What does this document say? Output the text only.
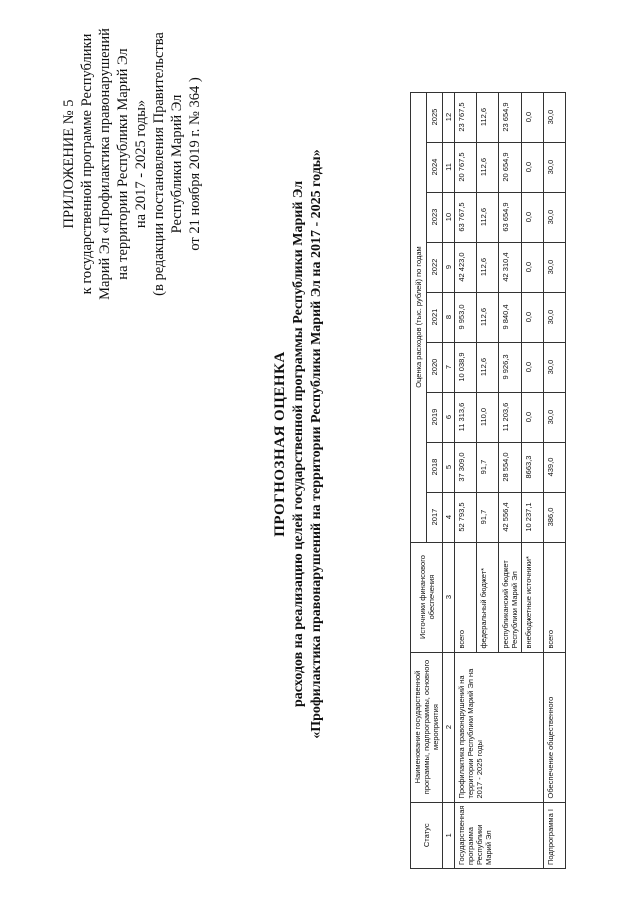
ПРИЛОЖЕНИЕ № 5 к государственной программе Республики Марий Эл «Профилактика правонарушений на территории Республики Марий Эл на 2017 - 2025 годы» (в редакции постановления Правительства Республики Марий Эл от 21 ноября 2019 г. № 364 )
ПРОГНОЗНАЯ ОЦЕНКА расходов на реализацию целей государственной программы Республики Марий Эл «Профилактика правонарушений на территории Республики Марий Эл на 2017 - 2025 годы»
Статус	Наименование государственной программы, подпрограммы, основного мероприятия	Источники финансового обеспечения	Оценка расходов (тыс. рублей) по годам								
			2017	2018	2019	2020	2021	2022	2023	2024	2025
1	2	3	4	5	6	7	8	9	10	11	12
Государственная программа Республики Марий Эл	Профилактика правонарушений на территории Республики Марий Эл на 2017 - 2025 годы	всего	52 793,5	37 309,0	11 313,6	10 038,9	9 953,0	42 423,0	63 767,5	20 767,5	23 767,5
		федеральный бюджет*	91,7	91,7	110,0	112,6	112,6	112,6	112,6	112,6	112,6
		республиканский бюджет Республики Марий Эл	42 556,4	28 554,0	11 203,6	9 926,3	9 840,4	42 310,4	63 654,9	20 654,9	23 654,9
		внебюджетные источники*	10 237,1	8663,3	0,0	0,0	0,0	0,0	0,0	0,0	0,0
Подпрограмма I	Обеспечение общественного	всего	386,0	439,0	30,0	30,0	30,0	30,0	30,0	30,0	30,0
